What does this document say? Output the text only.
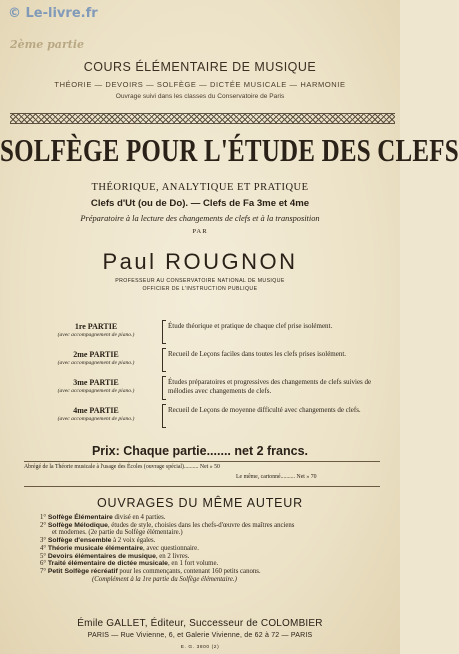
© Le-livre.fr
2ème partie
COURS ÉLÉMENTAIRE DE MUSIQUE
THÉORIE — DEVOIRS — SOLFÈGE — DICTÉE MUSICALE — HARMONIE
Ouvrage suivi dans les classes du Conservatoire de Paris
SOLFÈGE POUR L'ÉTUDE DES CLEFS
THÉORIQUE, ANALYTIQUE ET PRATIQUE
Clefs d'Ut (ou de Do). — Clefs de Fa 3me et 4me
Préparatoire à la lecture des changements de clefs et à la transposition
PAR
Paul ROUGNON
PROFESSEUR AU CONSERVATOIRE NATIONAL DE MUSIQUE
OFFICIER DE L'INSTRUCTION PUBLIQUE
1re PARTIE
(avec accompagnement de piano.)
Étude théorique et pratique de chaque clef prise isolément.
2me PARTIE
(avec accompagnement de piano.)
Recueil de Leçons faciles dans toutes les clefs prises isolément.
3me PARTIE
(avec accompagnement de piano.)
Études préparatoires et progressives des changements de clefs suivies de mélodies avec changements de clefs.
4me PARTIE
(avec accompagnement de piano.)
Recueil de Leçons de moyenne difficulté avec changements de clefs.
Prix: Chaque partie....... net 2 francs.
Abrégé de la Théorie musicale à l'usage des Écoles (ouvrage spécial).......... Net » 50
Le même, cartonné.......... Net » 70
OUVRAGES DU MÊME AUTEUR
1° Solfège Élémentaire divisé en 4 parties.
2° Solfège Mélodique, études de style, choisies dans les chefs-d'œuvre des maîtres anciens
et modernes. (2e partie du Solfège élémentaire.)
3° Solfège d'ensemble à 2 voix égales.
4° Théorie musicale élémentaire, avec questionnaire.
5° Devoirs élémentaires de musique, en 2 livres.
6° Traité élémentaire de dictée musicale, en 1 fort volume.
7° Petit Solfège récréatif pour les commençants, contenant 160 petits canons.
(Complément à la 1re partie du Solfège élémentaire.)
Émile GALLET, Éditeur, Successeur de COLOMBIER
PARIS — Rue Vivienne, 6, et Galerie Vivienne, de 62 à 72 — PARIS
E. G. 3800 (2)
